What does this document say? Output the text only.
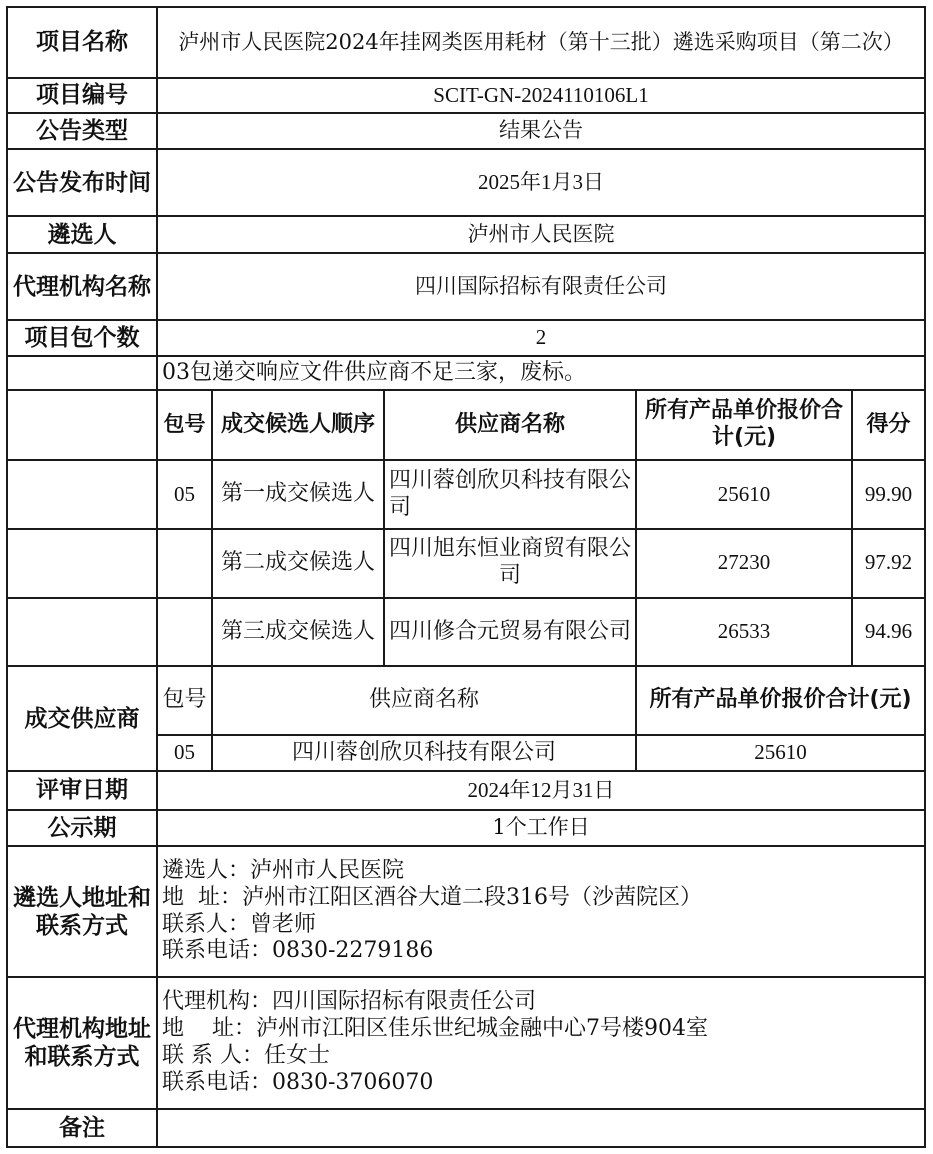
项目名称	泸州市人民医院2024年挂网类医用耗材（第十三批）遴选采购项目（第二次）				
项目编号	SCIT-GN-2024110106L1				
公告类型	结果公告				
公告发布时间	2025年1月3日				
遴选人	泸州市人民医院				
代理机构名称	四川国际招标有限责任公司				
项目包个数	2				
	03包递交响应文件供应商不足三家，废标。				
	包号	成交候选人顺序	供应商名称	所有产品单价报价合计(元)	得分
	05	第一成交候选人	四川蓉创欣贝科技有限公司	25610	99.90
		第二成交候选人	四川旭东恒业商贸有限公司	27230	97.92
		第三成交候选人	四川修合元贸易有限公司	26533	94.96
成交供应商	包号	供应商名称		所有产品单价报价合计(元)	
	05	四川蓉创欣贝科技有限公司		25610	
评审日期	2024年12月31日				
公示期	1个工作日				
遴选人地址和联系方式	遴选人：泸州市人民医院
地  址：泸州市江阳区酒谷大道二段316号（沙茜院区）
联系人：曾老师
联系电话：0830-2279186				

代理机构地址和联系方式	代理机构：四川国际招标有限责任公司
地    址：泸州市江阳区佳乐世纪城金融中心7号楼904室
联 系 人：任女士
联系电话：0830-3706070				

备注					
